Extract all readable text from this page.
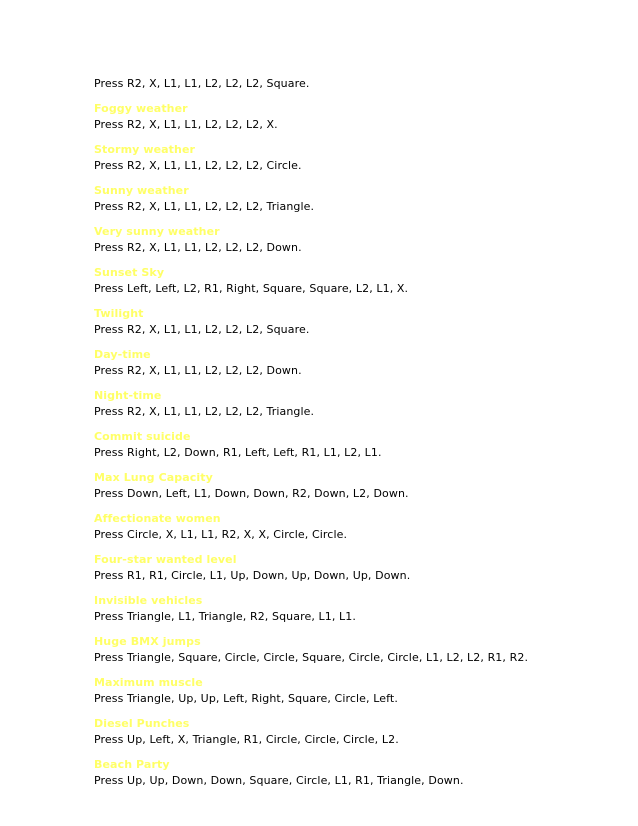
Press R2, X, L1, L1, L2, L2, L2, Square.
Foggy weather
Press R2, X, L1, L1, L2, L2, L2, X.
Stormy weather
Press R2, X, L1, L1, L2, L2, L2, Circle.
Sunny weather
Press R2, X, L1, L1, L2, L2, L2, Triangle.
Very sunny weather
Press R2, X, L1, L1, L2, L2, L2, Down.
Sunset Sky
Press Left, Left, L2, R1, Right, Square, Square, L2, L1, X.
Twilight
Press R2, X, L1, L1, L2, L2, L2, Square.
Day-time
Press R2, X, L1, L1, L2, L2, L2, Down.
Night-time
Press R2, X, L1, L1, L2, L2, L2, Triangle.
Commit suicide
Press Right, L2, Down, R1, Left, Left, R1, L1, L2, L1.
Max Lung Capacity
Press Down, Left, L1, Down, Down, R2, Down, L2, Down.
Affectionate women
Press Circle, X, L1, L1, R2, X, X, Circle, Circle.
Four-star wanted level
Press R1, R1, Circle, L1, Up, Down, Up, Down, Up, Down.
Invisible vehicles
Press Triangle, L1, Triangle, R2, Square, L1, L1.
Huge BMX jumps
Press Triangle, Square, Circle, Circle, Square, Circle, Circle, L1, L2, L2, R1, R2.
Maximum muscle
Press Triangle, Up, Up, Left, Right, Square, Circle, Left.
Diesel Punches
Press Up, Left, X, Triangle, R1, Circle, Circle, Circle, L2.
Beach Party
Press Up, Up, Down, Down, Square, Circle, L1, R1, Triangle, Down.
